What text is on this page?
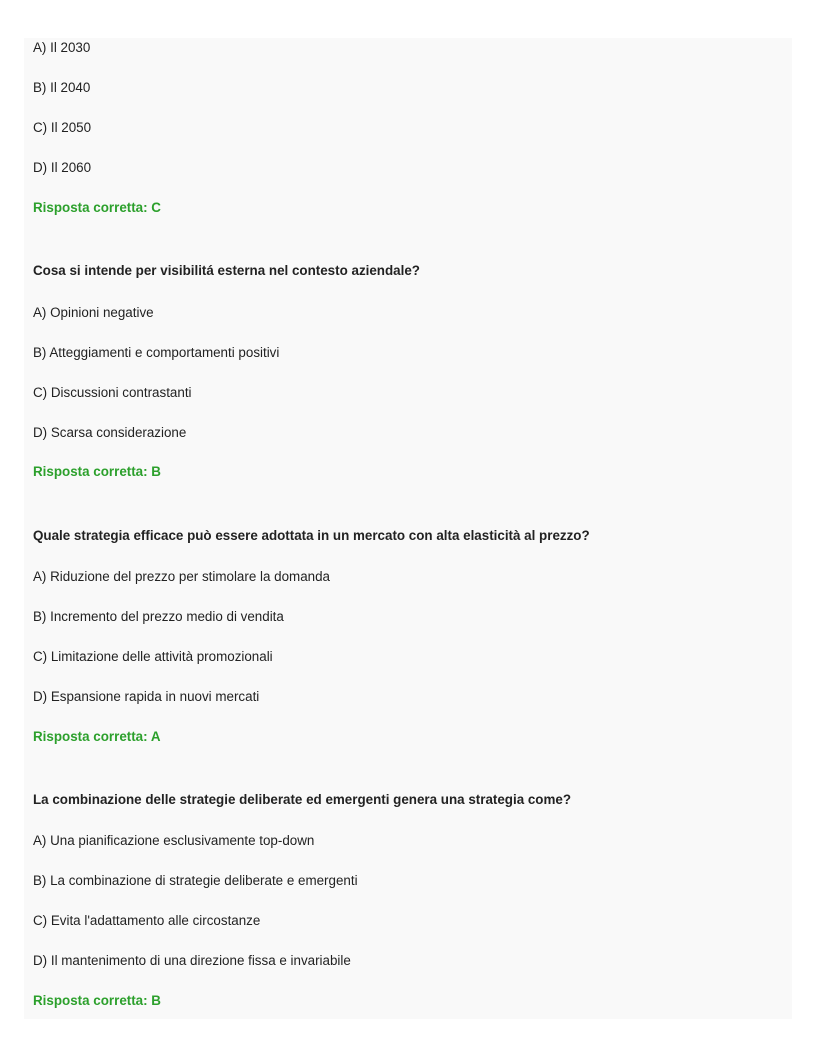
A) Il 2030
B) Il 2040
C) Il 2050
D) Il 2060
Risposta corretta: C
Cosa si intende per visibilitá esterna nel contesto aziendale?
A) Opinioni negative
B) Atteggiamenti e comportamenti positivi
C) Discussioni contrastanti
D) Scarsa considerazione
Risposta corretta: B
Quale strategia efficace può essere adottata in un mercato con alta elasticità al prezzo?
A) Riduzione del prezzo per stimolare la domanda
B) Incremento del prezzo medio di vendita
C) Limitazione delle attività promozionali
D) Espansione rapida in nuovi mercati
Risposta corretta: A
La combinazione delle strategie deliberate ed emergenti genera una strategia come?
A) Una pianificazione esclusivamente top-down
B) La combinazione di strategie deliberate e emergenti
C) Evita l'adattamento alle circostanze
D) Il mantenimento di una direzione fissa e invariabile
Risposta corretta: B
